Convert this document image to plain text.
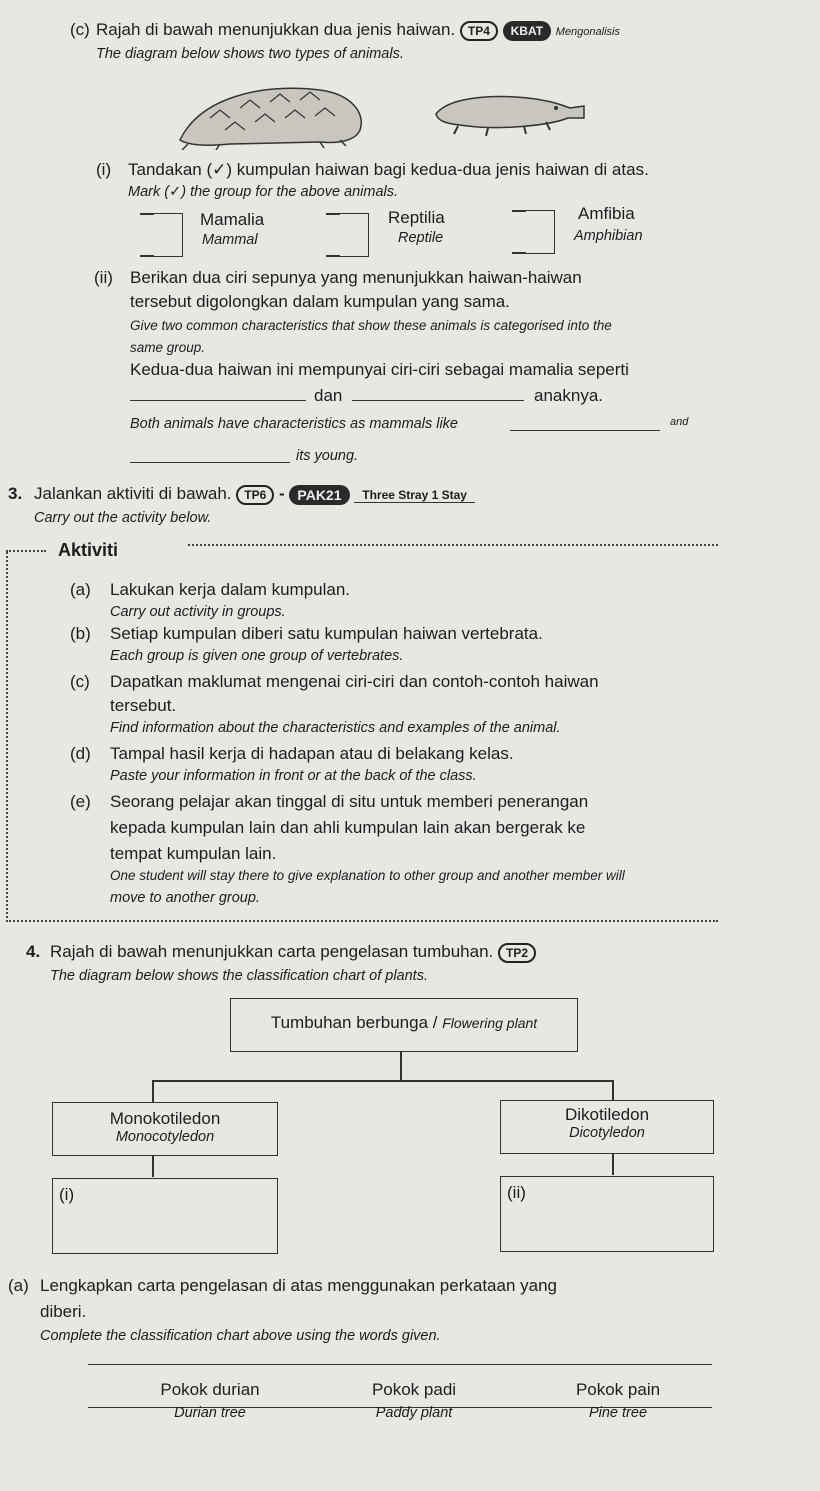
(c) Rajah di bawah menunjukkan dua jenis haiwan. TP4 KBAT Mengonalisis
The diagram below shows two types of animals.
(i) Tandakan (✓) kumpulan haiwan bagi kedua-dua jenis haiwan di atas.
Mark (✓) the group for the above animals.
Mamalia
Mammal
Reptilia
Reptile
Amfibia
Amphibian
(ii) Berikan dua ciri sepunya yang menunjukkan haiwan-haiwan
tersebut digolongkan dalam kumpulan yang sama.
Give two common characteristics that show these animals is categorised into the
same group.
Kedua-dua haiwan ini mempunyai ciri-ciri sebagai mamalia seperti
dan	anaknya.
Both animals have characteristics as mammals like	and
its young.
3. Jalankan aktiviti di bawah. TP6 - PAK21 Three Stray 1 Stay
Carry out the activity below.
Aktiviti
(a) Lakukan kerja dalam kumpulan.
Carry out activity in groups.
(b) Setiap kumpulan diberi satu kumpulan haiwan vertebrata.
Each group is given one group of vertebrates.
(c) Dapatkan maklumat mengenai ciri-ciri dan contoh-contoh haiwan
tersebut.
Find information about the characteristics and examples of the animal.
(d) Tampal hasil kerja di hadapan atau di belakang kelas.
Paste your information in front or at the back of the class.
(e) Seorang pelajar akan tinggal di situ untuk memberi penerangan
kepada kumpulan lain dan ahli kumpulan lain akan bergerak ke
tempat kumpulan lain.
One student will stay there to give explanation to other group and another member will
move to another group.
4. Rajah di bawah menunjukkan carta pengelasan tumbuhan. TP2
The diagram below shows the classification chart of plants.
Tumbuhan berbunga / Flowering plant
Monokotiledon
Monocotyledon
Dikotiledon
Dicotyledon
(i)	(ii)
(a) Lengkapkan carta pengelasan di atas menggunakan perkataan yang
diberi.
Complete the classification chart above using the words given.
Pokok durian
Durian tree
Pokok padi
Paddy plant
Pokok pain
Pine tree
